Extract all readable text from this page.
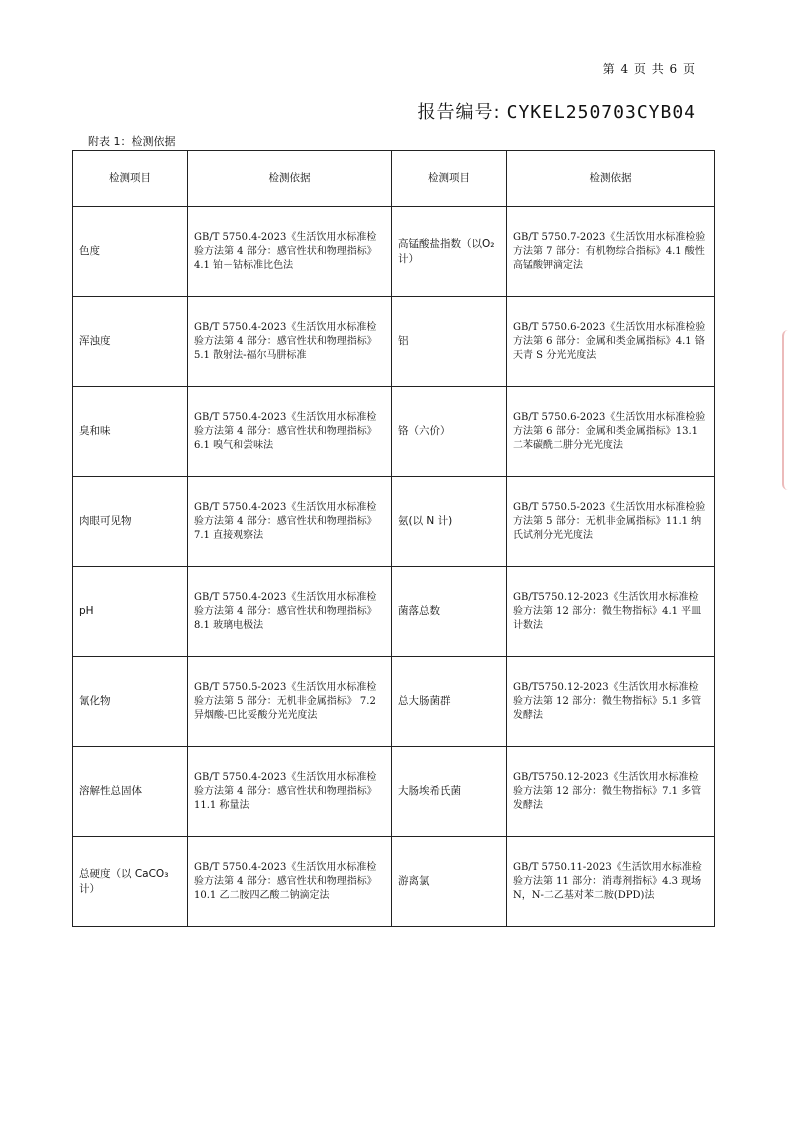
第 4 页 共 6 页
报告编号: CYKEL250703CYB04
附表 1：检测依据
检测项目	检测依据	检测项目	检测依据
色度	GB/T 5750.4-2023《生活饮用水标准检验方法第 4 部分：感官性状和物理指标》4.1 铂－钴标准比色法	高锰酸盐指数（以O₂计）	GB/T 5750.7-2023《生活饮用水标准检验方法第 7 部分：有机物综合指标》4.1 酸性高锰酸钾滴定法
浑浊度	GB/T 5750.4-2023《生活饮用水标准检验方法第 4 部分：感官性状和物理指标》5.1 散射法-福尔马肼标准	铝	GB/T 5750.6-2023《生活饮用水标准检验方法第 6 部分：金属和类金属指标》4.1 铬天青 S 分光光度法
臭和味	GB/T 5750.4-2023《生活饮用水标准检验方法第 4 部分：感官性状和物理指标》6.1 嗅气和尝味法	铬（六价）	GB/T 5750.6-2023《生活饮用水标准检验方法第 6 部分：金属和类金属指标》13.1 二苯碳酰二肼分光光度法
肉眼可见物	GB/T 5750.4-2023《生活饮用水标准检验方法第 4 部分：感官性状和物理指标》7.1 直接观察法	氨(以 N 计)	GB/T 5750.5-2023《生活饮用水标准检验方法第 5 部分：无机非金属指标》11.1 纳氏试剂分光光度法
pH	GB/T 5750.4-2023《生活饮用水标准检验方法第 4 部分：感官性状和物理指标》8.1 玻璃电极法	菌落总数	GB/T5750.12-2023《生活饮用水标准检验方法第 12 部分：微生物指标》4.1 平皿计数法
氰化物	GB/T 5750.5-2023《生活饮用水标准检验方法第 5 部分：无机非金属指标》 7.2 异烟酸-巴比妥酸分光光度法	总大肠菌群	GB/T5750.12-2023《生活饮用水标准检验方法第 12 部分：微生物指标》5.1 多管发酵法
溶解性总固体	GB/T 5750.4-2023《生活饮用水标准检验方法第 4 部分：感官性状和物理指标》 11.1 称量法	大肠埃希氏菌	GB/T5750.12-2023《生活饮用水标准检验方法第 12 部分：微生物指标》7.1 多管发酵法
总硬度（以 CaCO₃ 计）	GB/T 5750.4-2023《生活饮用水标准检验方法第 4 部分：感官性状和物理指标》 10.1 乙二胺四乙酸二钠滴定法	游离氯	GB/T 5750.11-2023《生活饮用水标准检验方法第 11 部分：消毒剂指标》4.3 现场 N，N-二乙基对苯二胺(DPD)法
